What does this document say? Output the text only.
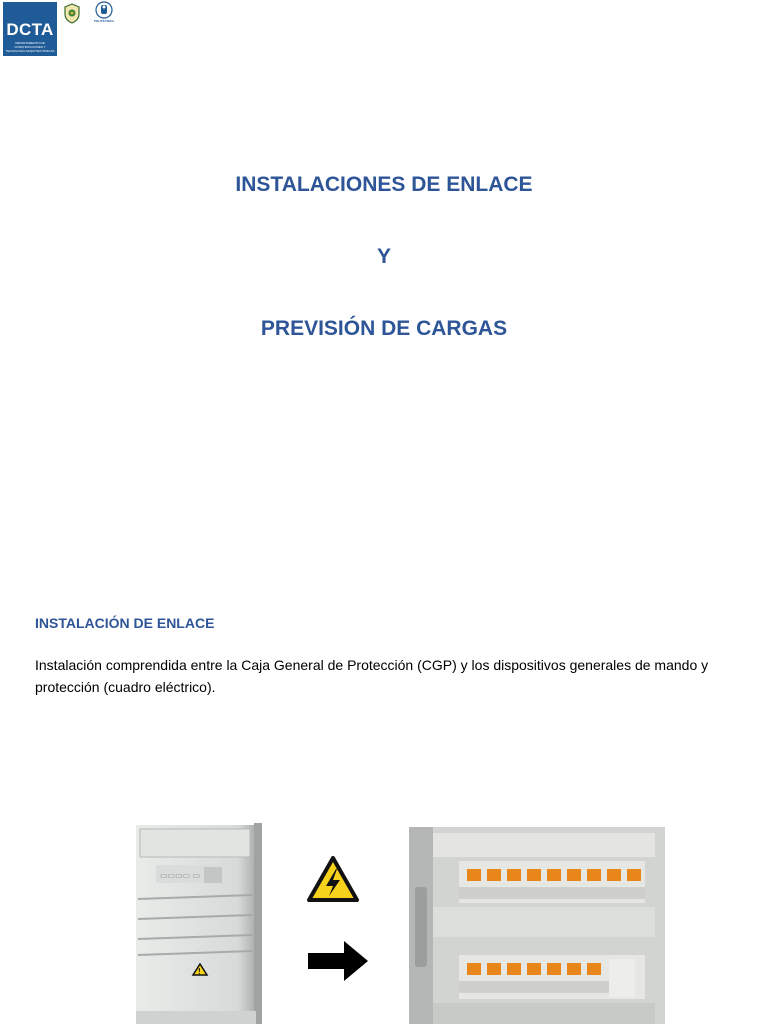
DCTA
DEPARTAMENTO DE CONSTRUCCIONES Y TECNOLOGÍA ARQUITECTÓNICAS
POLITÉCNICA
INSTALACIONES DE ENLACE
Y
PREVISIÓN DE CARGAS
INSTALACIÓN DE ENLACE

Instalación comprendida entre la Caja General de Protección (CGP) y los dispositivos generales de mando y protección (cuadro eléctrico).

▭▭▭▭ ▭
!
